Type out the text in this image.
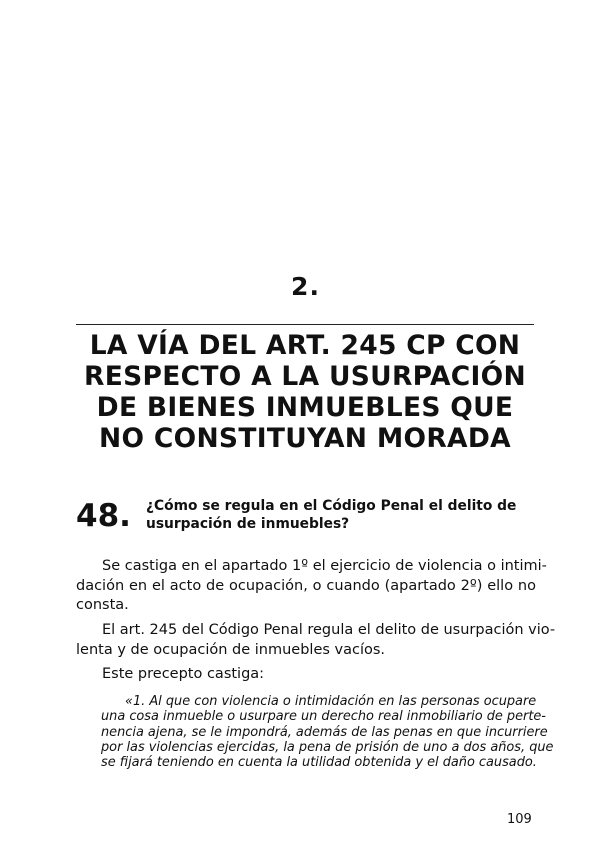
2.
LA VÍA DEL ART. 245 CP CON
RESPECTO A LA USURPACIÓN
DE BIENES INMUEBLES QUE
NO CONSTITUYAN MORADA
48. ¿Cómo se regula en el Código Penal el delito de
usurpación de inmuebles?
Se castiga en el apartado 1º el ejercicio de violencia o intimi-
dación en el acto de ocupación, o cuando (apartado 2º) ello no
consta.
El art. 245 del Código Penal regula el delito de usurpación vio-
lenta y de ocupación de inmuebles vacíos.
Este precepto castiga:
«1. Al que con violencia o intimidación en las personas ocupare
una cosa inmueble o usurpare un derecho real inmobiliario de perte-
nencia ajena, se le impondrá, además de las penas en que incurriere
por las violencias ejercidas, la pena de prisión de uno a dos años, que
se fijará teniendo en cuenta la utilidad obtenida y el daño causado.
109
